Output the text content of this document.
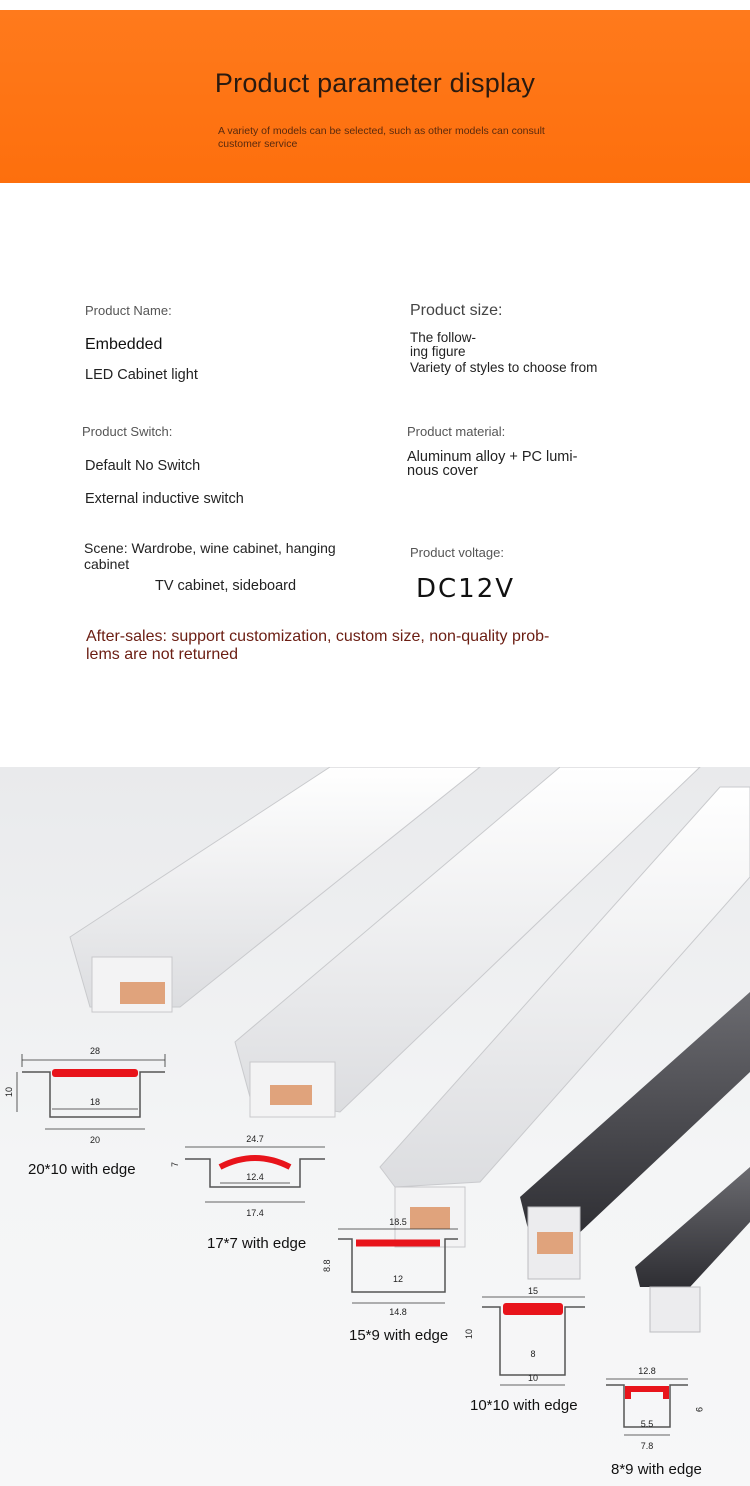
Product parameter display
A variety of models can be selected, such as other models can consult customer service
Product Name:
Embedded
LED Cabinet light
Product size:
The follow-
ing figure
Variety of styles to choose from
Product Switch:
Default No Switch
External inductive switch
Product material:
Aluminum alloy + PC lumi-
nous cover
Scene: Wardrobe, wine cabinet, hanging cabinet
TV cabinet, sideboard
Product voltage:
DC12V
After-sales: support customization, custom size, non-quality prob-
lems are not returned
28
10
18
20	24.7
7
12.4
17.4
18.5
8.8
12
14.8
15
10
8
10
12.8
9
5.5
7.8
20*10 with edge
17*7 with edge
15*9 with edge
10*10 with edge
8*9 with edge
